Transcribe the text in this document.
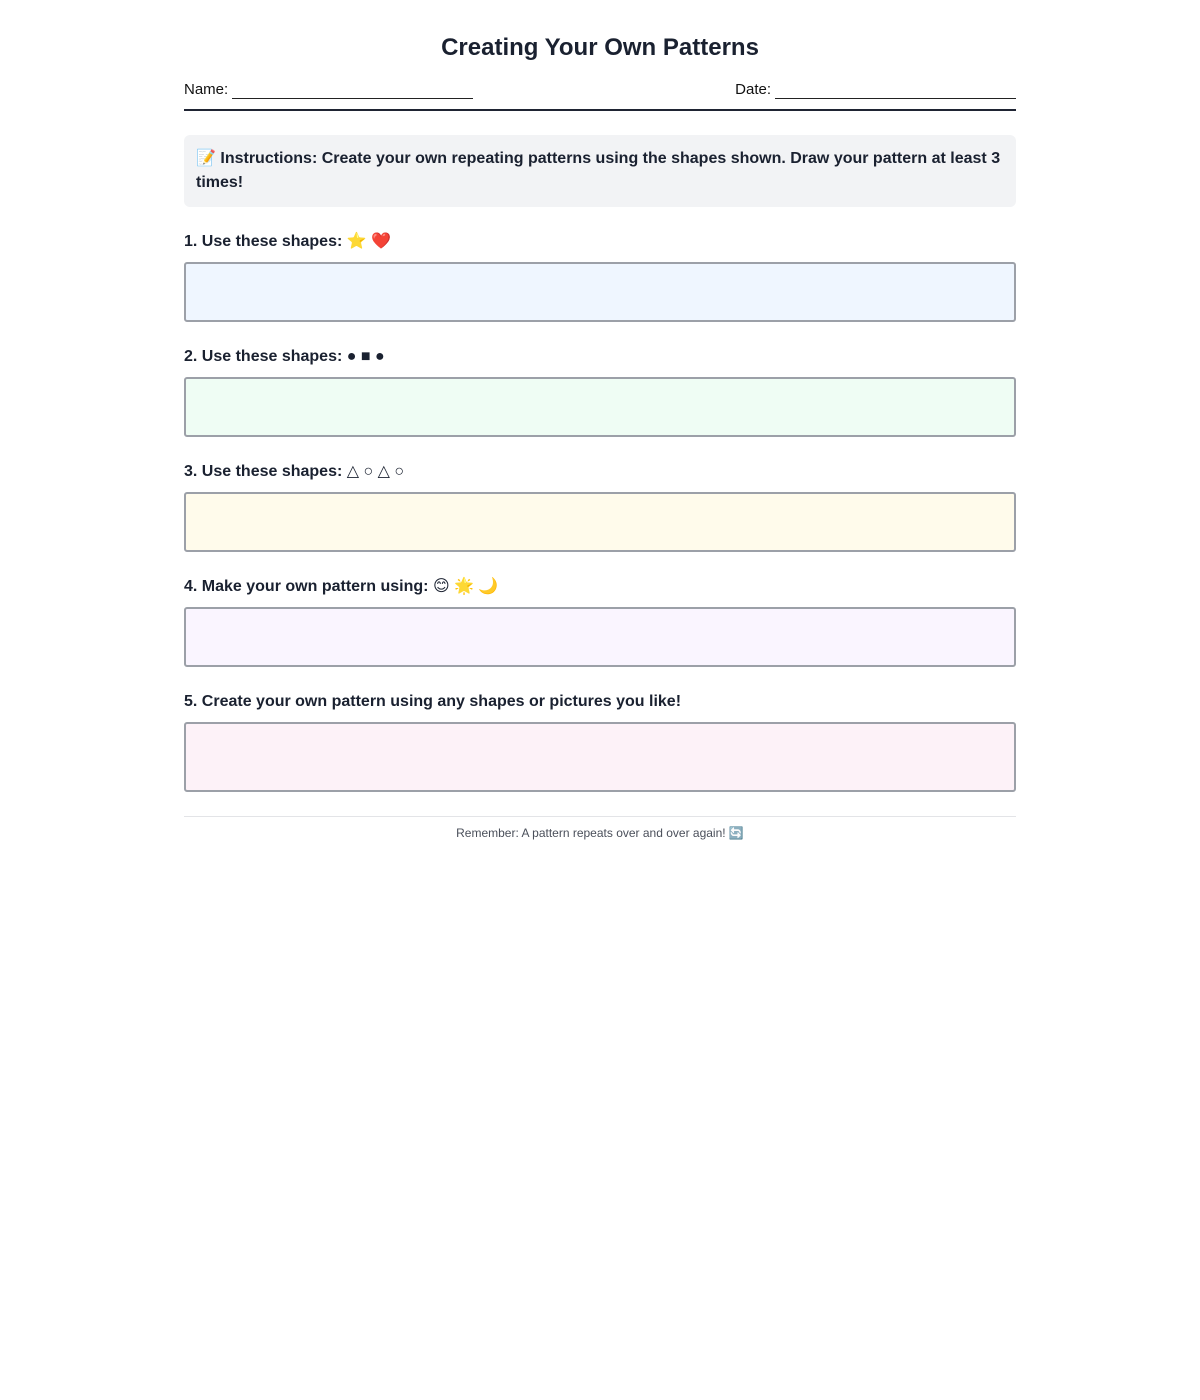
Creating Your Own Patterns
Name:	Date:
📝 Instructions: Create your own repeating patterns using the shapes shown. Draw your pattern at least 3 times!
1. Use these shapes: ⭐ ❤️
2. Use these shapes: ● ■ ●
3. Use these shapes: △ ○ △ ○
4. Make your own pattern using: 😊 🌟 🌙
5. Create your own pattern using any shapes or pictures you like!
Remember: A pattern repeats over and over again! 🔄
